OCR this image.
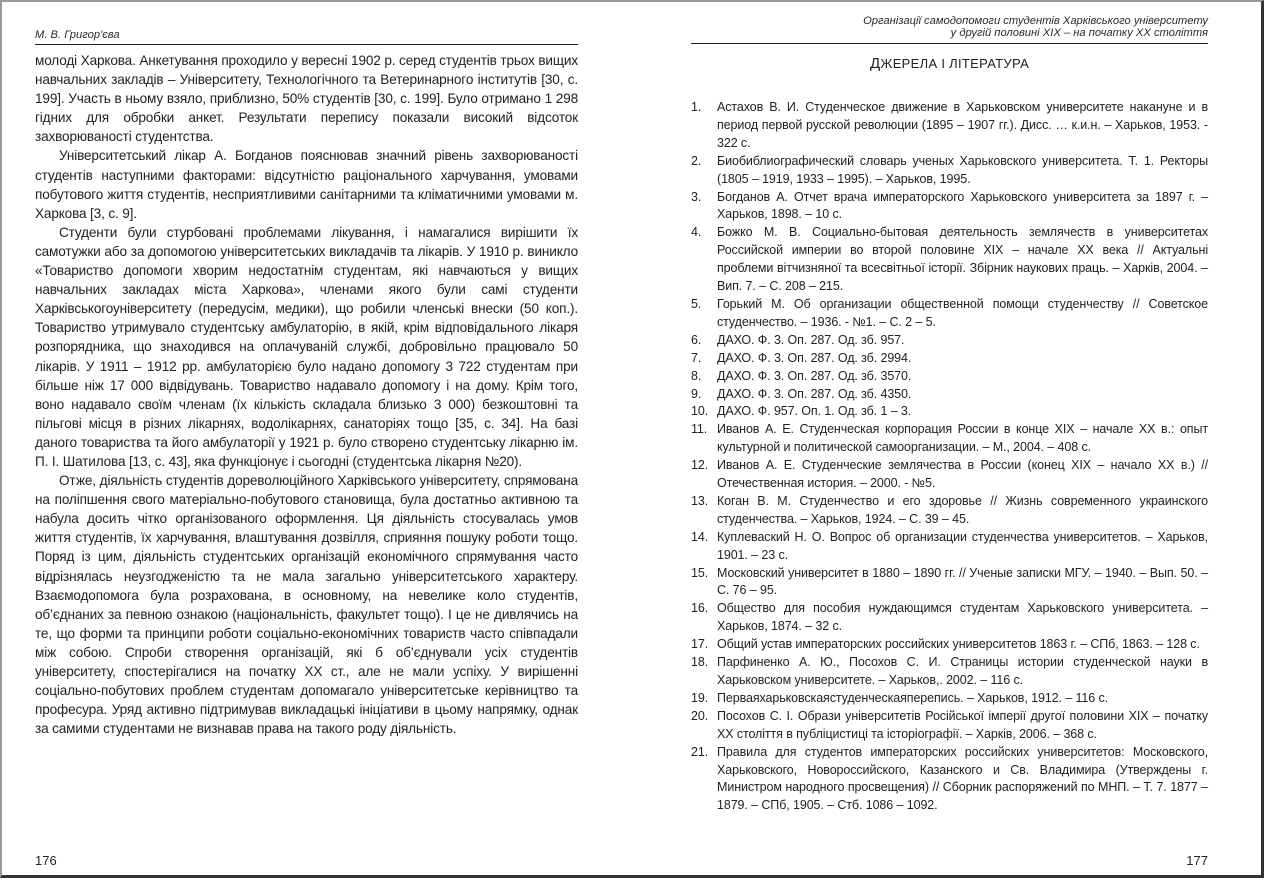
М. В. Григор'єва

молоді Харкова. Анкетування проходило у вересні 1902 р. серед студентів трьох вищих навчальних закладів – Університету, Технологічного та Ветеринарного інститутів [30, с. 199]. Участь в ньому взяло, приблизно, 50% студентів [30, с. 199]. Було отримано 1 298 гідних для обробки анкет. Результати перепису показали високий відсоток захворюваності студентства.

Університетський лікар А. Богданов пояснював значний рівень захворюваності студентів наступними факторами: відсутністю раціонального харчування, умовами побутового життя студентів, несприятливими санітарними та кліматичними умовами м. Харкова [3, с. 9].

Студенти були стурбовані проблемами лікування, і намагалися вирішити їх самотужки або за допомогою університетських викладачів та лікарів. У 1910 р. виникло «Товариство допомоги хворим недостатнім студентам, які навчаються у вищих навчальних закладах міста Харкова», членами якого були самі студенти Харківськогоуніверситету (передусім, медики), що робили членські внески (50 коп.). Товариство утримувало студентську амбулаторію, в якій, крім відповідального лікаря розпорядника, що знаходився на оплачуваній службі, добровільно працювало 50 лікарів. У 1911 – 1912 рр. амбулаторією було надано допомогу 3 722 студентам при більше ніж 17 000 відвідувань. Товариство надавало допомогу і на дому. Крім того, воно надавало своїм членам (їх кількість складала близько 3 000) безкоштовні та пільгові місця в різних лікарнях, водолікарнях, санаторіях тощо [35, с. 34]. На базі даного товариства та його амбулаторії у 1921 р. було створено студентську лікарню ім. П. І. Шатилова [13, с. 43], яка функціонує і сьогодні (студентська лікарня №20).

Отже, діяльність студентів дореволюційного Харківського університету, спрямована на поліпшення свого матеріально-побутового становища, була достатньо активною та набула досить чітко організованого оформлення. Ця діяльність стосувалась умов життя студентів, їх харчування, влаштування дозвілля, сприяння пошуку роботи тощо. Поряд із цим, діяльність студентських організацій економічного спрямування часто відрізнялась неузгодженістю та не мала загально університетського характеру. Взаємодопомога була розрахована, в основному, на невелике коло студентів, об’єднаних за певною ознакою (національність, факультет тощо). І це не дивлячись на те, що форми та принципи роботи соціально-економічних товариств часто співпадали між собою. Спроби створення організацій, які б об’єднували усіх студентів університету, спостерігалися на початку ХХ ст., але не мали успіху. У вирішенні соціально-побутових проблем студентам допомагало університетське керівництво та професура. Уряд активно підтримував викладацькі ініціативи в цьому напрямку, однак за самими студентами не визнавав права на такого роду діяльність.

176
Організації самодопомоги студентів Харківського університету
у другій половині XIX – на початку XX століття
ДЖЕРЕЛА І ЛІТЕРАТУРА
1. Астахов В. И. Студенческое движение в Харьковском университете накануне и в период первой русской революции (1895 – 1907 гг.). Дисс. … к.и.н. – Харьков, 1953. - 322 с.
2. Биобиблиографический словарь ученых Харьковского университета. Т. 1. Ректоры (1805 – 1919, 1933 – 1995). – Харьков, 1995.
3. Богданов А. Отчет врача императорского Харьковского университета за 1897 г. – Харьков, 1898. – 10 с.
4. Божко М. В. Социально-бытовая деятельность землячеств в университетах Российской империи во второй половине XIX – начале XX века // Актуальні проблеми вітчизняної та всесвітньої історії. Збірник наукових праць. – Харків, 2004. – Вип. 7. – С. 208 – 215.
5. Горький М. Об организации общественной помощи студенчеству // Советское студенчество. – 1936. - №1. – С. 2 – 5.
6. ДАХО. Ф. 3. Оп. 287. Од. зб. 957.
7. ДАХО. Ф. 3. Оп. 287. Од. зб. 2994.
8. ДАХО. Ф. 3. Оп. 287. Од. зб. 3570.
9. ДАХО. Ф. 3. Оп. 287. Од. зб. 4350.
10. ДАХО. Ф. 957. Оп. 1. Од. зб. 1 – 3.
11. Иванов А. Е. Студенческая корпорация России в конце XIX – начале XX в.: опыт культурной и политической самоорганизации. – М., 2004. – 408 с.
12. Иванов А. Е. Студенческие землячества в России (конец XIX – начало XX в.) // Отечественная история. – 2000. - №5.
13. Коган В. М. Студенчество и его здоровье // Жизнь современного украинского студенчества. – Харьков, 1924. – С. 39 – 45.
14. Куплеваский Н. О. Вопрос об организации студенчества университетов. – Харьков, 1901. – 23 с.
15. Московский университет в 1880 – 1890 гг. // Ученые записки МГУ. – 1940. – Вып. 50. – С. 76 – 95.
16. Общество для пособия нуждающимся студентам Харьковского университета. – Харьков, 1874. – 32 с.
17. Общий устав императорских российских университетов 1863 г. – СПб, 1863. – 128 с.
18. Парфиненко А. Ю., Посохов С. И. Страницы истории студенческой науки в Харьковском университете. – Харьков,. 2002. – 116 с.
19. Перваяхарьковскаястуденческаяперепись. – Харьков, 1912. – 116 с.
20. Посохов С. І. Образи університетів Російської імперії другої половини XIX – початку XX століття в публіцистиці та історіографії. – Харків, 2006. – 368 с.
21. Правила для студентов императорских российских университетов: Московского, Харьковского, Новороссийского, Казанского и Св. Владимира (Утверждены г. Министром народного просвещения) // Сборник распоряжений по МНП. – Т. 7. 1877 – 1879. – СПб, 1905. – Стб. 1086 – 1092.
177
